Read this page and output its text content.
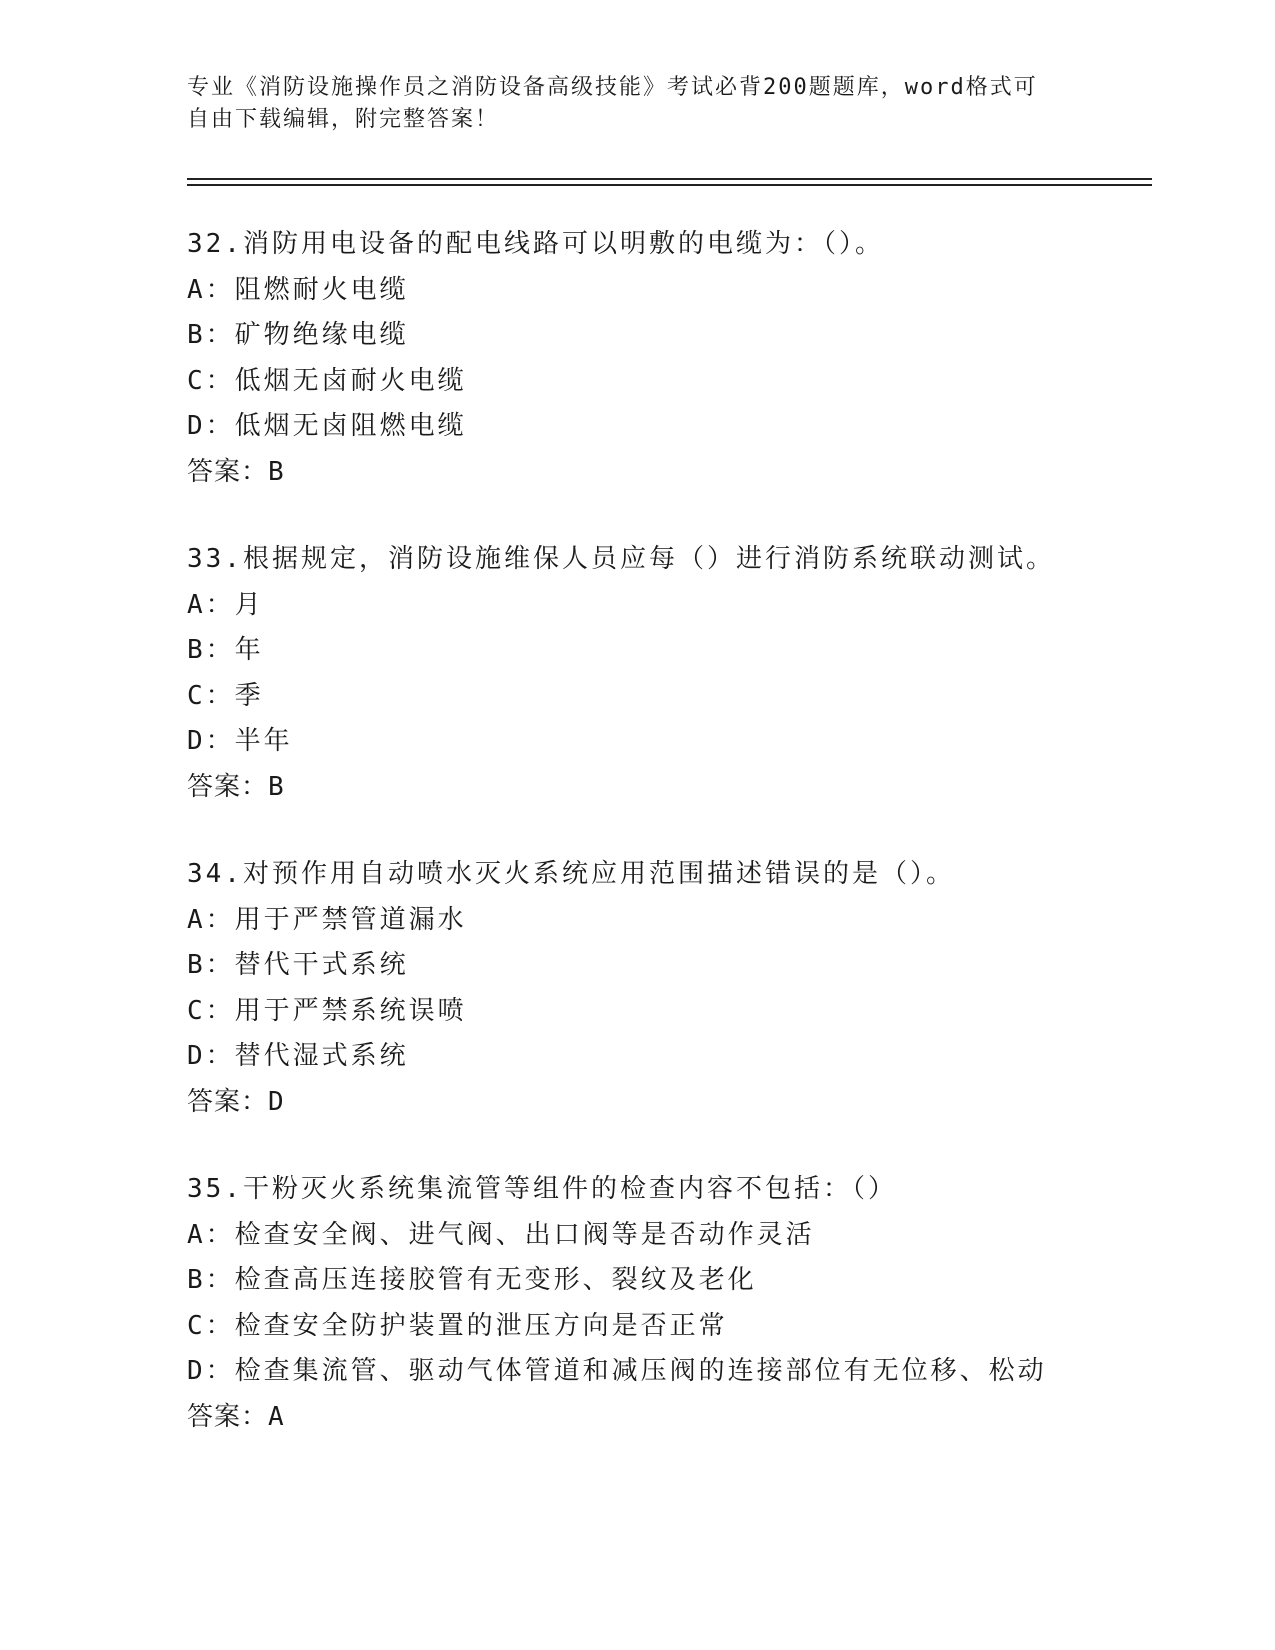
专业《消防设施操作员之消防设备高级技能》考试必背200题题库，word格式可
自由下载编辑，附完整答案！
32.消防用电设备的配电线路可以明敷的电缆为：（）。
A：阻燃耐火电缆
B：矿物绝缘电缆
C：低烟无卤耐火电缆
D：低烟无卤阻燃电缆
答案：B
33.根据规定，消防设施维保人员应每（）进行消防系统联动测试。
A：月
B：年
C：季
D：半年
答案：B
34.对预作用自动喷水灭火系统应用范围描述错误的是（）。
A：用于严禁管道漏水
B：替代干式系统
C：用于严禁系统误喷
D：替代湿式系统
答案：D
35.干粉灭火系统集流管等组件的检查内容不包括：（）
A：检查安全阀、进气阀、出口阀等是否动作灵活
B：检查高压连接胶管有无变形、裂纹及老化
C：检查安全防护装置的泄压方向是否正常
D：检查集流管、驱动气体管道和减压阀的连接部位有无位移、松动
答案：A
